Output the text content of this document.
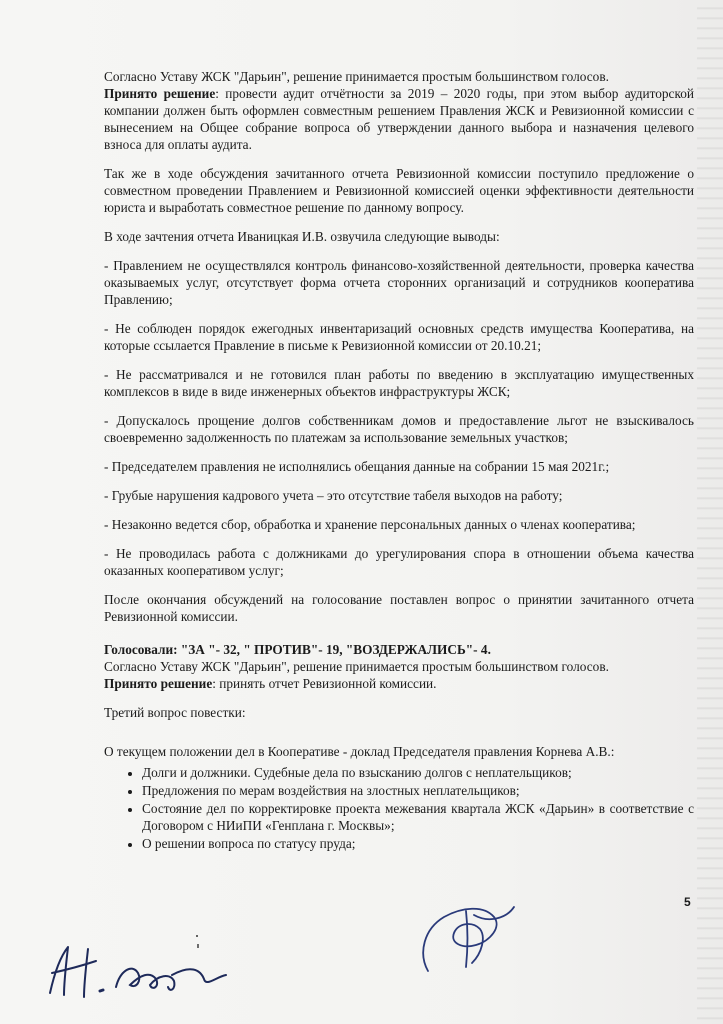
Согласно Уставу ЖСК "Дарьин", решение принимается простым большинством голосов.

Принято решение: провести аудит отчётности за 2019 – 2020 годы, при этом выбор аудиторской компании должен быть оформлен совместным решением Правления ЖСК и Ревизионной комиссии с вынесением на Общее собрание вопроса об утверждении данного выбора и назначения целевого взноса для оплаты аудита.

Так же в ходе обсуждения зачитанного отчета Ревизионной комиссии поступило предложение о совместном проведении Правлением и Ревизионной комиссией оценки эффективности деятельности юриста и выработать совместное решение по данному вопросу.

В ходе зачтения отчета Иваницкая И.В. озвучила следующие выводы:

- Правлением не осуществлялся контроль финансово-хозяйственной деятельности, проверка качества оказываемых услуг, отсутствует форма отчета сторонних организаций и сотрудников кооператива Правлению;

- Не соблюден порядок ежегодных инвентаризаций основных средств имущества Кооператива, на которые ссылается Правление в письме к Ревизионной комиссии от 20.10.21;

- Не рассматривался и не готовился план работы по введению в эксплуатацию имущественных комплексов в виде в виде инженерных объектов инфраструктуры ЖСК;

- Допускалось прощение долгов собственникам домов и предоставление льгот не взыскивалось своевременно задолженность по платежам за использование земельных участков;

- Председателем правления не исполнялись обещания данные на собрании 15 мая 2021г.;

- Грубые нарушения кадрового учета – это отсутствие табеля выходов на работу;

- Незаконно ведется сбор, обработка и хранение персональных данных о членах кооператива;

- Не проводилась работа с должниками до урегулирования спора в отношении объема качества оказанных кооперативом услуг;

После окончания обсуждений на голосование поставлен вопрос о принятии зачитанного отчета Ревизионной комиссии.

Голосовали: "ЗА "- 32, " ПРОТИВ"- 19, "ВОЗДЕРЖАЛИСЬ"- 4.

Согласно Уставу ЖСК "Дарьин", решение принимается простым большинством голосов.

Принято решение: принять отчет Ревизионной комиссии.

Третий вопрос повестки:

О текущем положении дел в Кооперативе - доклад Председателя правления Корнева А.В.:

• Долги и должники. Судебные дела по взысканию долгов с неплательщиков;
• Предложения по мерам воздействия на злостных неплательщиков;
• Состояние дел по корректировке проекта межевания квартала ЖСК «Дарьин» в соответствие с Договором с НИиПИ «Генплана г. Москвы»;
• О решении вопроса по статусу пруда;
5
